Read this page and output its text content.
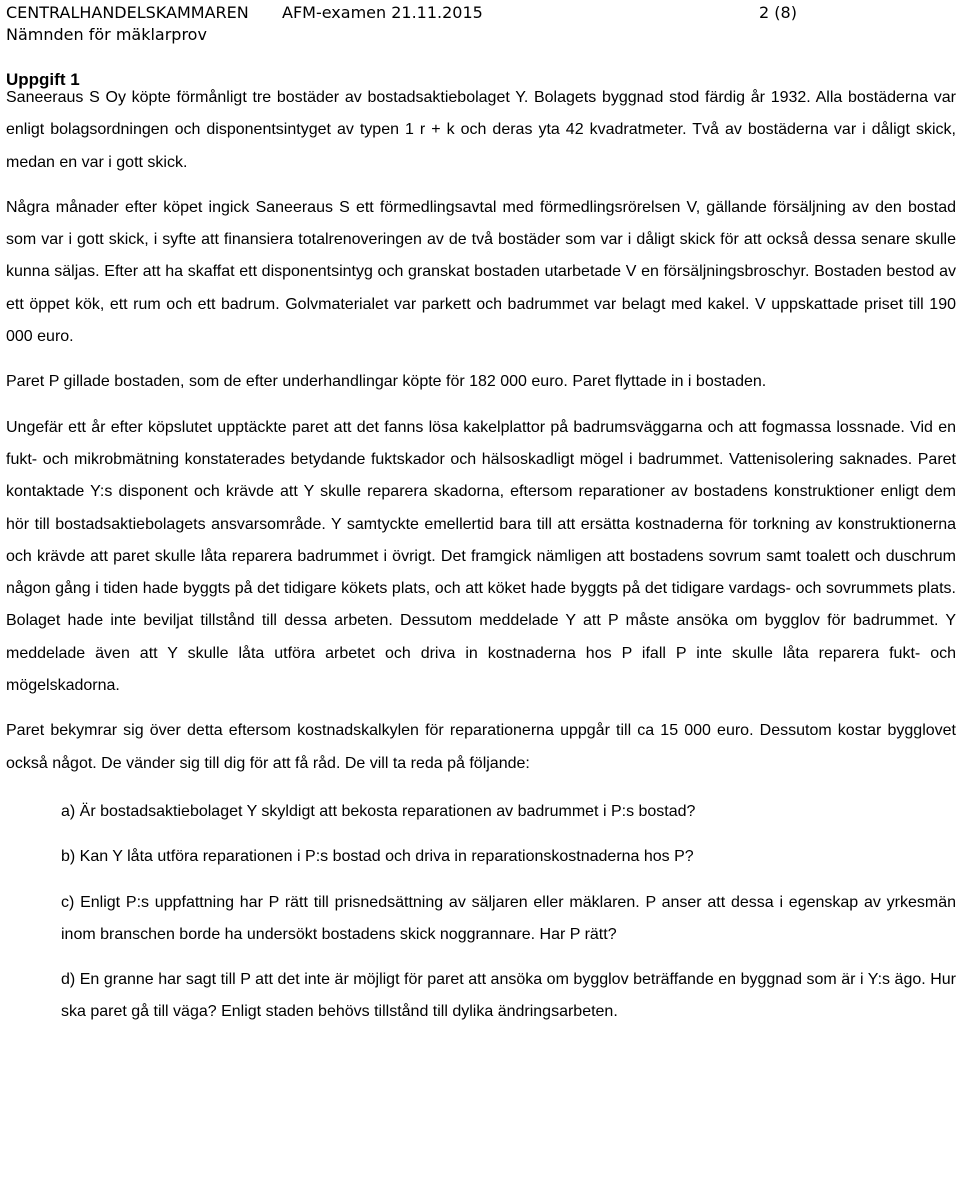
CENTRALHANDELSKAMMAREN AFM-examen 21.11.2015	2 (8)
Nämnden för mäklarprov
Uppgift 1

Saneeraus S Oy köpte förmånligt tre bostäder av bostadsaktiebolaget Y. Bolagets byggnad stod färdig år 1932. Alla bostäderna var enligt bolagsordningen och disponentsintyget av typen 1 r + k och deras yta 42 kvadratmeter. Två av bostäderna var i dåligt skick, medan en var i gott skick.

Några månader efter köpet ingick Saneeraus S ett förmedlingsavtal med förmedlingsrörelsen V, gällande försäljning av den bostad som var i gott skick, i syfte att finansiera totalrenoveringen av de två bostäder som var i dåligt skick för att också dessa senare skulle kunna säljas. Efter att ha skaffat ett disponentsintyg och granskat bostaden utarbetade V en försäljningsbroschyr. Bostaden bestod av ett öppet kök, ett rum och ett badrum. Golvmaterialet var parkett och badrummet var belagt med kakel. V uppskattade priset till 190 000 euro.

Paret P gillade bostaden, som de efter underhandlingar köpte för 182 000 euro. Paret flyttade in i bostaden.

Ungefär ett år efter köpslutet upptäckte paret att det fanns lösa kakelplattor på badrumsväggarna och att fogmassa lossnade. Vid en fukt- och mikrobmätning konstaterades betydande fuktskador och hälsoskadligt mögel i badrummet. Vattenisolering saknades. Paret kontaktade Y:s disponent och krävde att Y skulle reparera skadorna, eftersom reparationer av bostadens konstruktioner enligt dem hör till bostadsaktiebolagets ansvarsområde. Y samtyckte emellertid bara till att ersätta kostnaderna för torkning av konstruktionerna och krävde att paret skulle låta reparera badrummet i övrigt. Det framgick nämligen att bostadens sovrum samt toalett och duschrum någon gång i tiden hade byggts på det tidigare kökets plats, och att köket hade byggts på det tidigare vardags- och sovrummets plats. Bolaget hade inte beviljat tillstånd till dessa arbeten. Dessutom meddelade Y att P måste ansöka om bygglov för badrummet. Y meddelade även att Y skulle låta utföra arbetet och driva in kostnaderna hos P ifall P inte skulle låta reparera fukt- och mögelskadorna.

Paret bekymrar sig över detta eftersom kostnadskalkylen för reparationerna uppgår till ca 15 000 euro. Dessutom kostar bygglovet också något. De vänder sig till dig för att få råd. De vill ta reda på följande:

a) Är bostadsaktiebolaget Y skyldigt att bekosta reparationen av badrummet i P:s bostad?

b) Kan Y låta utföra reparationen i P:s bostad och driva in reparationskostnaderna hos P?

c) Enligt P:s uppfattning har P rätt till prisnedsättning av säljaren eller mäklaren. P anser att dessa i egenskap av yrkesmän inom branschen borde ha undersökt bostadens skick noggrannare. Har P rätt?

d) En granne har sagt till P att det inte är möjligt för paret att ansöka om bygglov beträffande en byggnad som är i Y:s ägo. Hur ska paret gå till väga? Enligt staden behövs tillstånd till dylika ändringsarbeten.
